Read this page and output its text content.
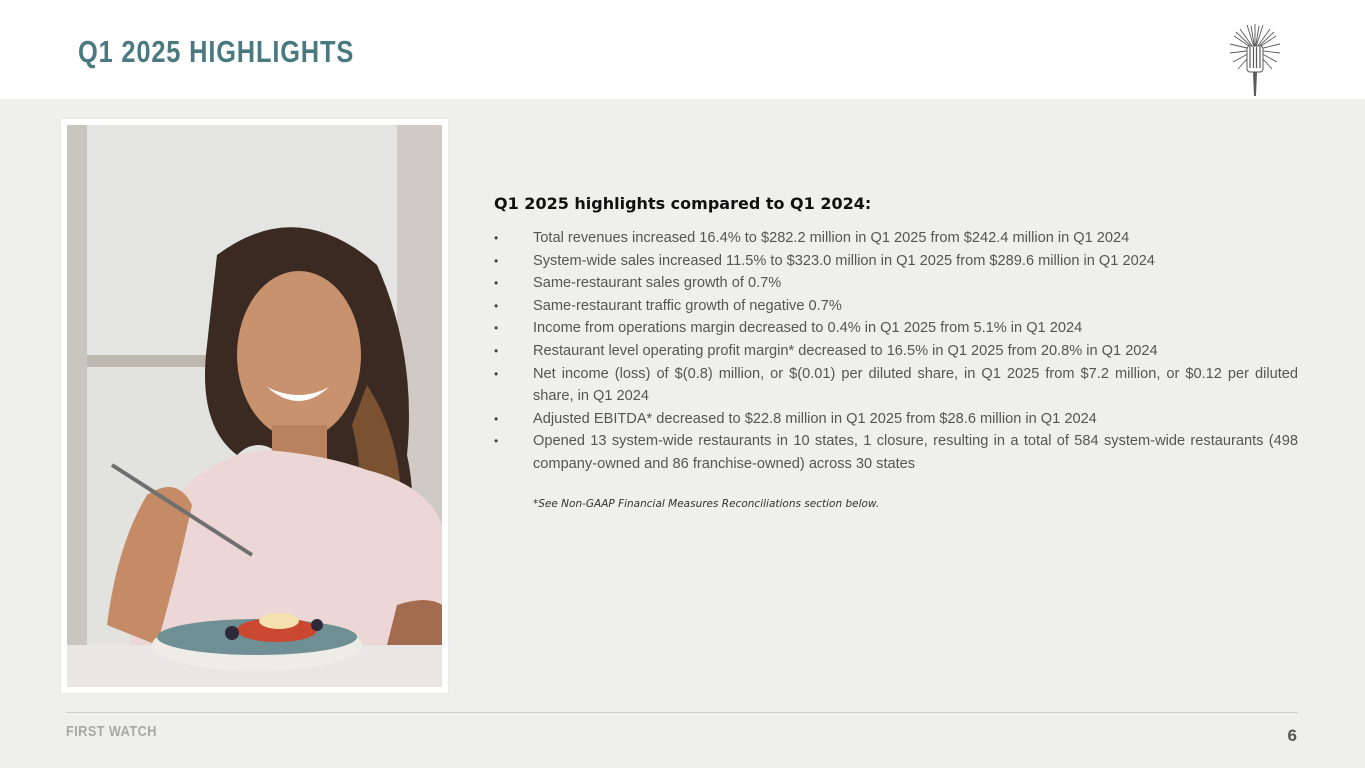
Q1 2025 HIGHLIGHTS
Q1 2025 highlights compared to Q1 2024:
• Total revenues increased 16.4% to $282.2 million in Q1 2025 from $242.4 million in Q1 2024
• System-wide sales increased 11.5% to $323.0 million in Q1 2025 from $289.6 million in Q1 2024
• Same-restaurant sales growth of 0.7%
• Same-restaurant traffic growth of negative 0.7%
• Income from operations margin decreased to 0.4% in Q1 2025 from 5.1% in Q1 2024
• Restaurant level operating profit margin* decreased to 16.5% in Q1 2025 from 20.8% in Q1 2024
• Net income (loss) of $(0.8) million, or $(0.01) per diluted share, in Q1 2025 from $7.2 million, or $0.12 per diluted share, in Q1 2024
• Adjusted EBITDA* decreased to $22.8 million in Q1 2025 from $28.6 million in Q1 2024
• Opened 13 system-wide restaurants in 10 states, 1 closure, resulting in a total of 584 system-wide restaurants (498 company-owned and 86 franchise-owned) across 30 states

*See Non-GAAP Financial Measures Reconciliations section below.

FIRST WATCH	6
